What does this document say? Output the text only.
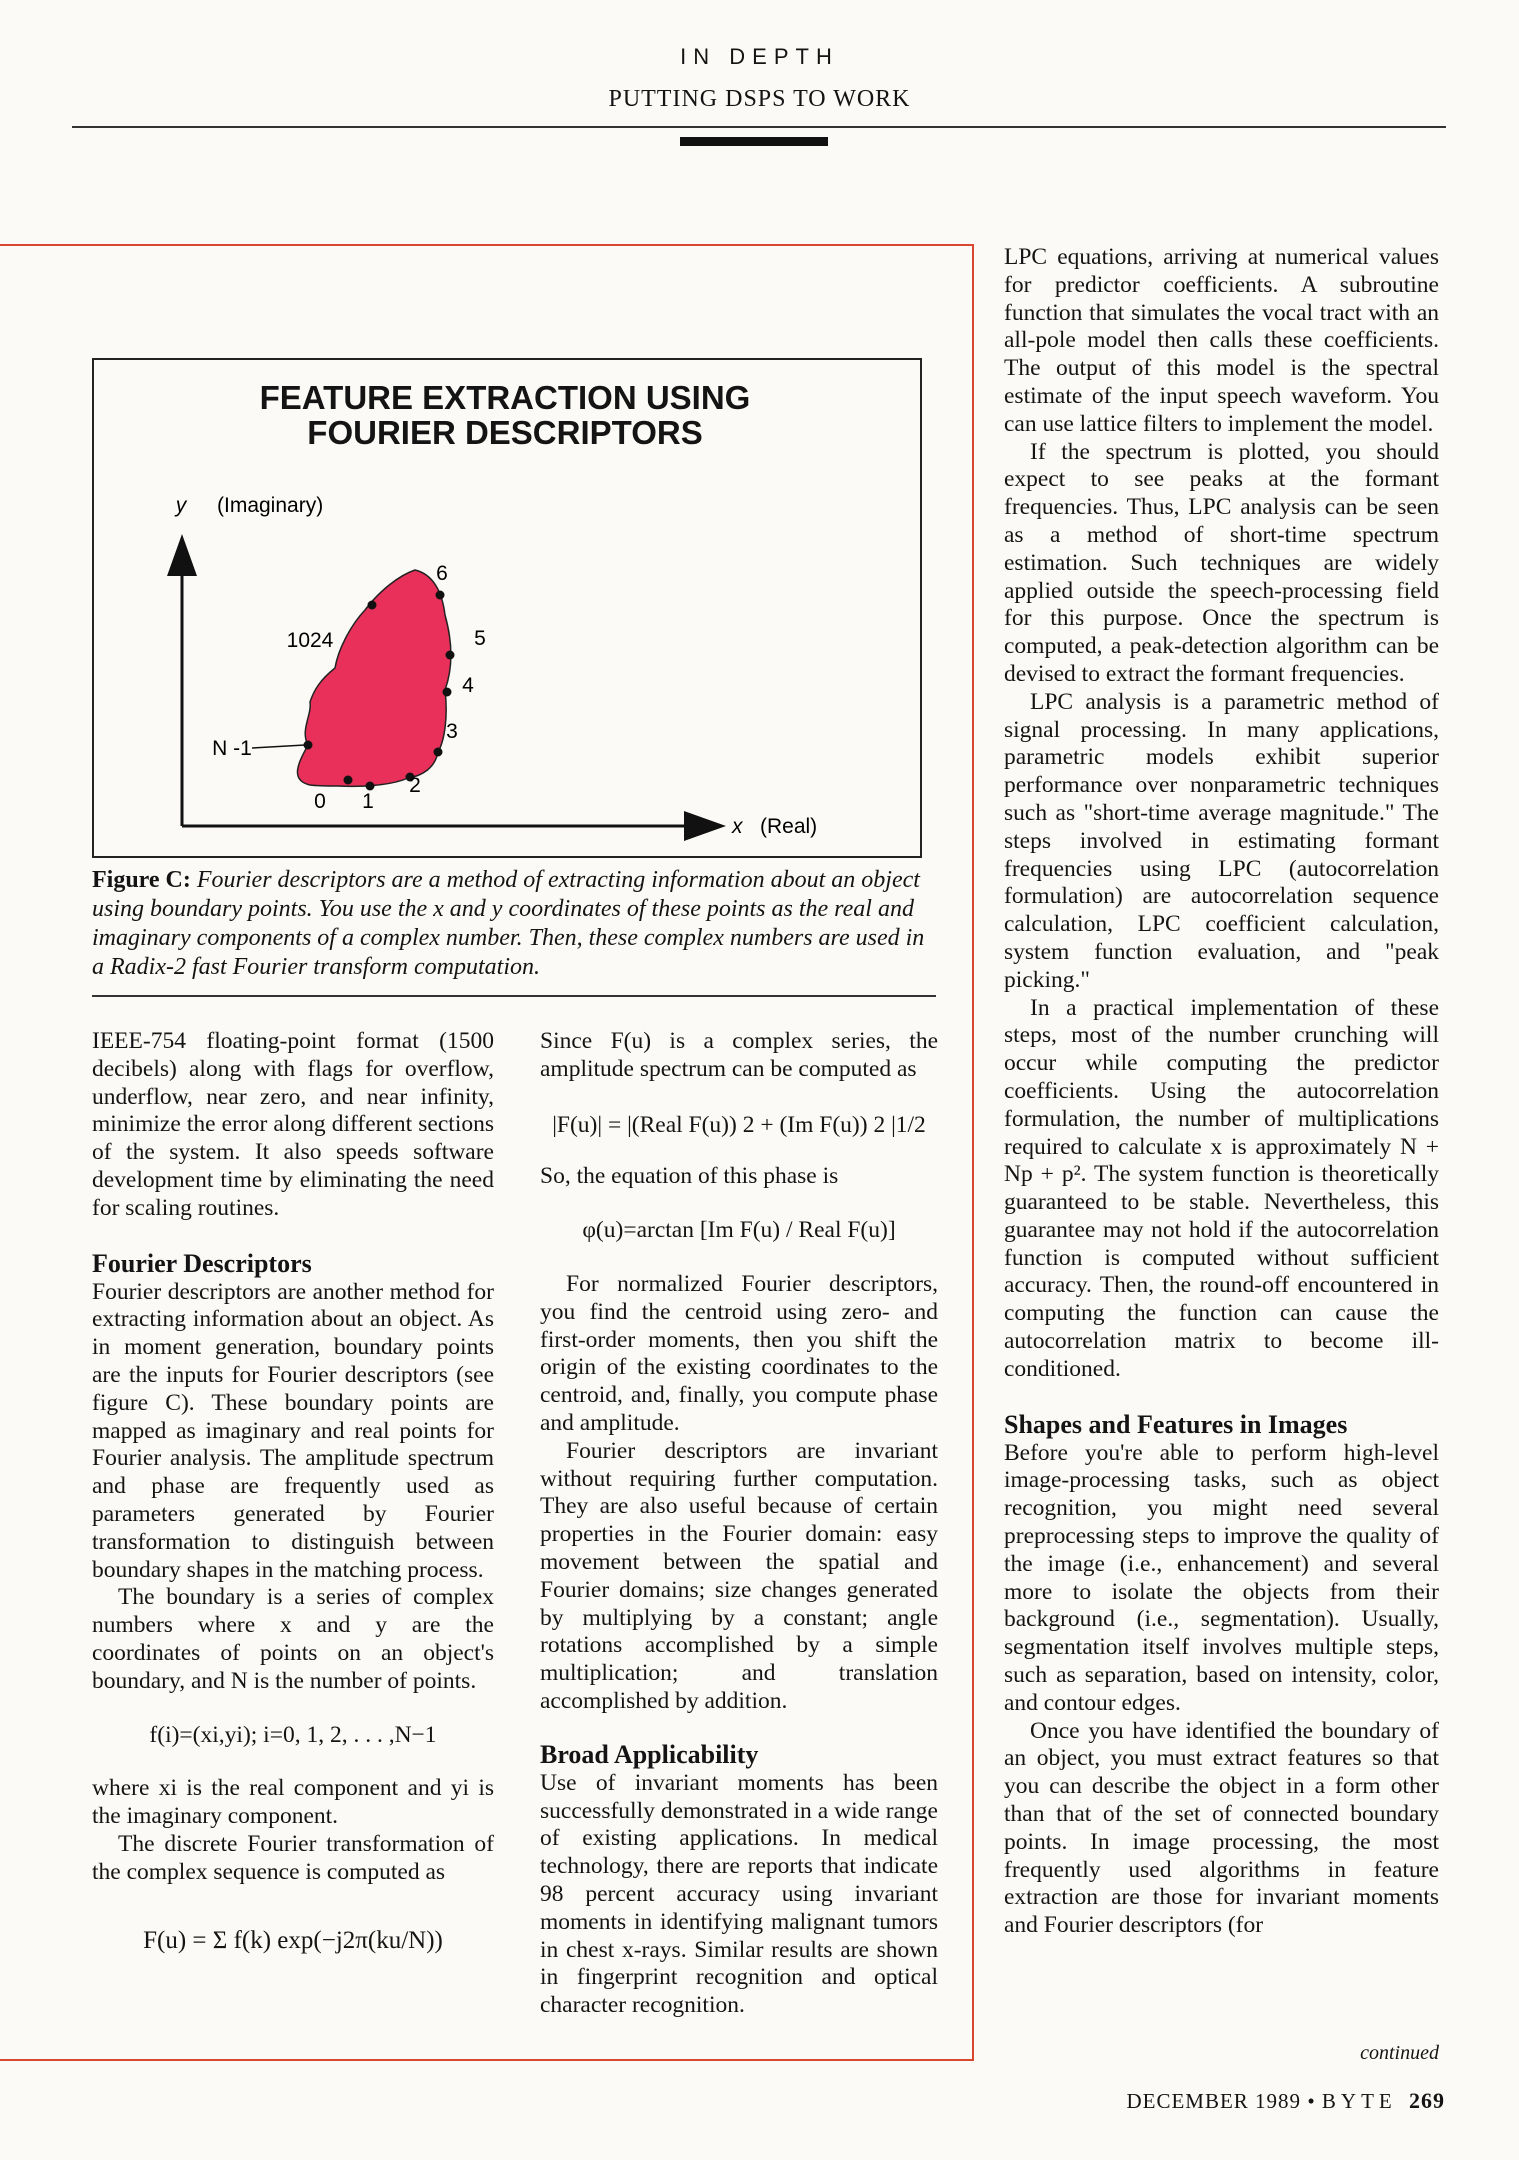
IN DEPTH
PUTTING DSPS TO WORK
FEATURE EXTRACTION USING
FOURIER DESCRIPTORS
y (Imaginary)
x (Real)
0 1
2
3
4
5
6
1024
N -1
Figure C: Fourier descriptors are a method of extracting information about an object using boundary points. You use the x and y coordinates of these points as the real and imaginary components of a complex number. Then, these complex numbers are used in a Radix-2 fast Fourier transform computation.

IEEE-754 floating-point format (1500 decibels) along with flags for overflow, underflow, near zero, and near infinity, minimize the error along different sections of the system. It also speeds software development time by eliminating the need for scaling routines.

Fourier Descriptors

Fourier descriptors are another method for extracting information about an object. As in moment generation, boundary points are the inputs for Fourier descriptors (see figure C). These boundary points are mapped as imaginary and real points for Fourier analysis. The amplitude spectrum and phase are frequently used as parameters generated by Fourier transformation to distinguish between boundary shapes in the matching process.

The boundary is a series of complex numbers where x and y are the coordinates of points on an object's boundary, and N is the number of points.

f(i)=(xi,yi); i=0, 1, 2, . . . ,N−1

where xi is the real component and yi is the imaginary component.

The discrete Fourier transformation of the complex sequence is computed as

F(u) = Σ f(k) exp(−j2π(ku/N))

Since F(u) is a complex series, the amplitude spectrum can be computed as

|F(u)| = |(Real F(u)) 2 + (Im F(u)) 2 |1/2

So, the equation of this phase is

φ(u)=arctan [Im F(u) / Real F(u)]

For normalized Fourier descriptors, you find the centroid using zero- and first-order moments, then you shift the origin of the existing coordinates to the centroid, and, finally, you compute phase and amplitude.

Fourier descriptors are invariant without requiring further computation. They are also useful because of certain properties in the Fourier domain: easy movement between the spatial and Fourier domains; size changes generated by multiplying by a constant; angle rotations accomplished by a simple multiplication; and translation accomplished by addition.

Broad Applicability

Use of invariant moments has been successfully demonstrated in a wide range of existing applications. In medical technology, there are reports that indicate 98 percent accuracy using invariant moments in identifying malignant tumors in chest x-rays. Similar results are shown in fingerprint recognition and optical character recognition.

LPC equations, arriving at numerical values for predictor coefficients. A subroutine function that simulates the vocal tract with an all-pole model then calls these coefficients. The output of this model is the spectral estimate of the input speech waveform. You can use lattice filters to implement the model.

If the spectrum is plotted, you should expect to see peaks at the formant frequencies. Thus, LPC analysis can be seen as a method of short-time spectrum estimation. Such techniques are widely applied outside the speech-processing field for this purpose. Once the spectrum is computed, a peak-detection algorithm can be devised to extract the formant frequencies.

LPC analysis is a parametric method of signal processing. In many applications, parametric models exhibit superior performance over nonparametric techniques such as "short-time average magnitude." The steps involved in estimating formant frequencies using LPC (autocorrelation formulation) are autocorrelation sequence calculation, LPC coefficient calculation, system function evaluation, and "peak picking."

In a practical implementation of these steps, most of the number crunching will occur while computing the predictor coefficients. Using the autocorrelation formulation, the number of multiplications required to calculate x is approximately N + Np + p². The system function is theoretically guaranteed to be stable. Nevertheless, this guarantee may not hold if the autocorrelation function is computed without sufficient accuracy. Then, the round-off encountered in computing the function can cause the autocorrelation matrix to become ill-conditioned.

Shapes and Features in Images

Before you're able to perform high-level image-processing tasks, such as object recognition, you might need several preprocessing steps to improve the quality of the image (i.e., enhancement) and several more to isolate the objects from their background (i.e., segmentation). Usually, segmentation itself involves multiple steps, such as separation, based on intensity, color, and contour edges.

Once you have identified the boundary of an object, you must extract features so that you can describe the object in a form other than that of the set of connected boundary points. In image processing, the most frequently used algorithms in feature extraction are those for invariant moments and Fourier descriptors (for

continued
DECEMBER 1989 • BYTE 269
